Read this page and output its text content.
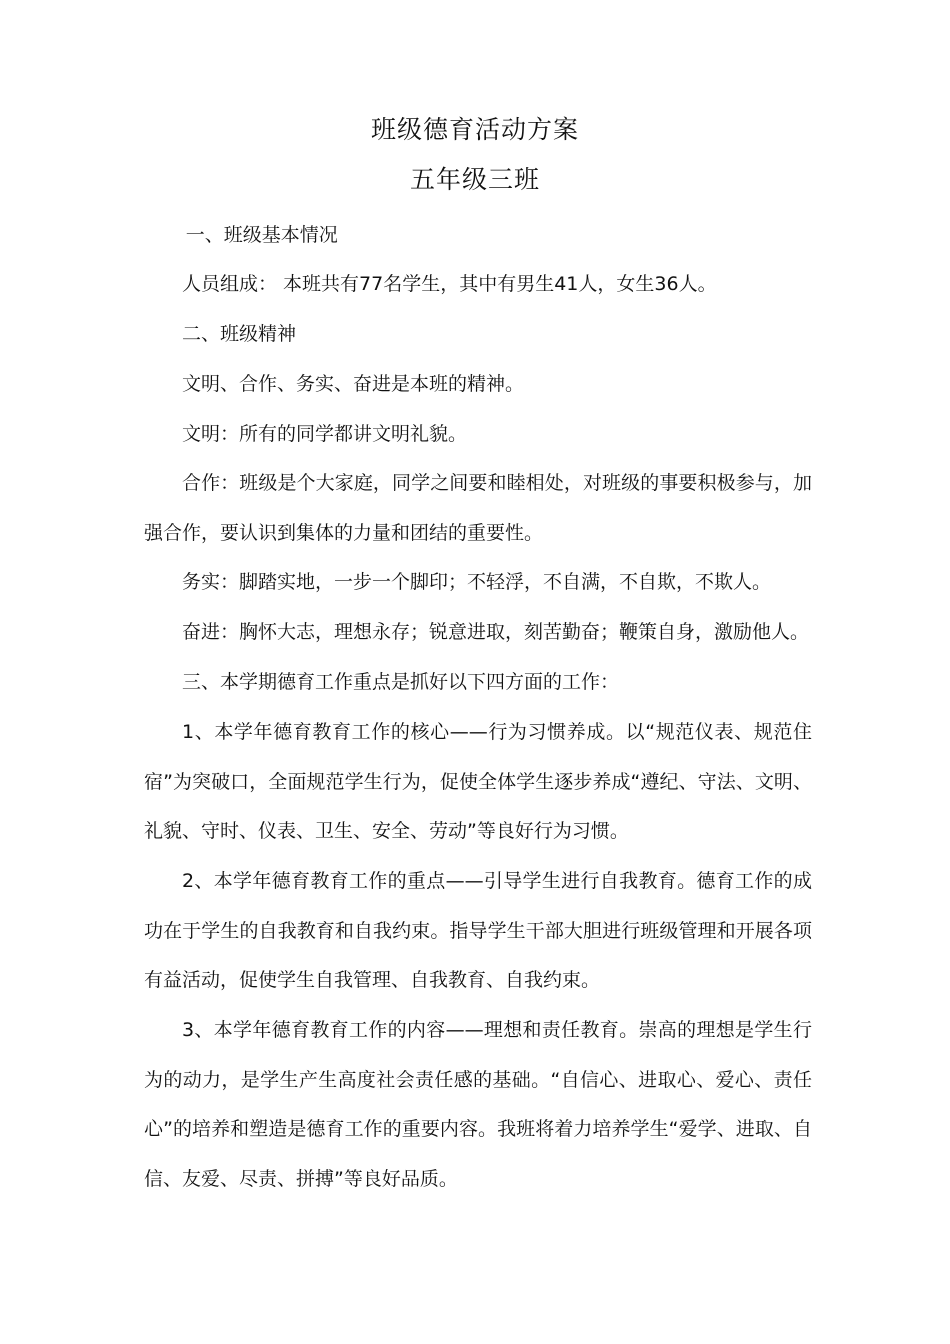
班级德育活动方案
五年级三班

一、班级基本情况

人员组成： 本班共有77名学生，其中有男生41人，女生36人。

二、班级精神

文明、合作、务实、奋进是本班的精神。

文明：所有的同学都讲文明礼貌。

合作：班级是个大家庭，同学之间要和睦相处，对班级的事要积极参与，加强合作，要认识到集体的力量和团结的重要性。

务实：脚踏实地，一步一个脚印；不轻浮，不自满，不自欺，不欺人。

奋进：胸怀大志，理想永存；锐意进取，刻苦勤奋；鞭策自身，激励他人。

三、本学期德育工作重点是抓好以下四方面的工作：

1、本学年德育教育工作的核心——行为习惯养成。以“规范仪表、规范住宿”为突破口，全面规范学生行为，促使全体学生逐步养成“遵纪、守法、文明、礼貌、守时、仪表、卫生、安全、劳动”等良好行为习惯。

2、本学年德育教育工作的重点——引导学生进行自我教育。德育工作的成功在于学生的自我教育和自我约束。指导学生干部大胆进行班级管理和开展各项有益活动，促使学生自我管理、自我教育、自我约束。

3、本学年德育教育工作的内容——理想和责任教育。崇高的理想是学生行为的动力，是学生产生高度社会责任感的基础。“自信心、进取心、爱心、责任心”的培养和塑造是德育工作的重要内容。我班将着力培养学生“爱学、进取、自信、友爱、尽责、拼搏”等良好品质。
